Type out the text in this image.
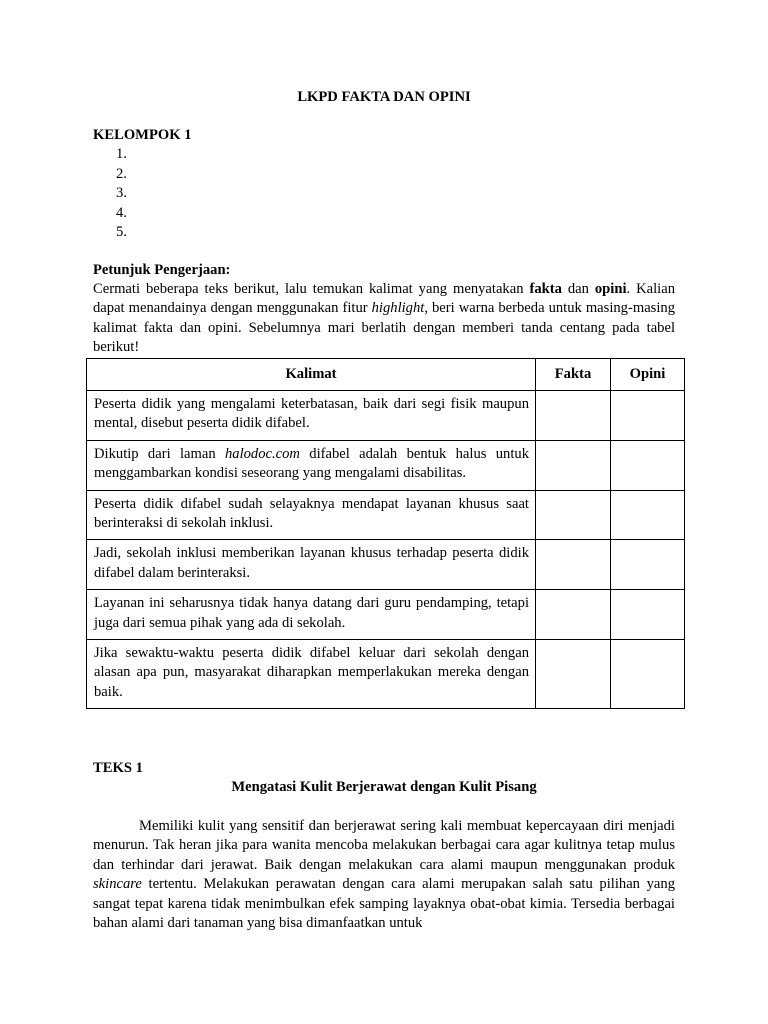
LKPD FAKTA DAN OPINI
KELOMPOK 1
1.
2.
3.
4.
5.
Petunjuk Pengerjaan:

Cermati beberapa teks berikut, lalu temukan kalimat yang menyatakan fakta dan opini. Kalian dapat menandainya dengan menggunakan fitur highlight, beri warna berbeda untuk masing-masing kalimat fakta dan opini. Sebelumnya mari berlatih dengan memberi tanda centang pada tabel berikut!

Kalimat	Fakta	Opini
Peserta didik yang mengalami keterbatasan, baik dari segi fisik maupun mental, disebut peserta didik difabel.		
Dikutip dari laman halodoc.com difabel adalah bentuk halus untuk menggambarkan kondisi seseorang yang mengalami disabilitas.		
Peserta didik difabel sudah selayaknya mendapat layanan khusus saat berinteraksi di sekolah inklusi.		
Jadi, sekolah inklusi memberikan layanan khusus terhadap peserta didik difabel dalam berinteraksi.		
Layanan ini seharusnya tidak hanya datang dari guru pendamping, tetapi juga dari semua pihak yang ada di sekolah.		
Jika sewaktu-waktu peserta didik difabel keluar dari sekolah dengan alasan apa pun, masyarakat diharapkan memperlakukan mereka dengan baik.		
TEKS 1
Mengatasi Kulit Berjerawat dengan Kulit Pisang

Memiliki kulit yang sensitif dan berjerawat sering kali membuat kepercayaan diri menjadi menurun. Tak heran jika para wanita mencoba melakukan berbagai cara agar kulitnya tetap mulus dan terhindar dari jerawat. Baik dengan melakukan cara alami maupun menggunakan produk skincare tertentu. Melakukan perawatan dengan cara alami merupakan salah satu pilihan yang sangat tepat karena tidak menimbulkan efek samping layaknya obat-obat kimia. Tersedia berbagai bahan alami dari tanaman yang bisa dimanfaatkan untuk
